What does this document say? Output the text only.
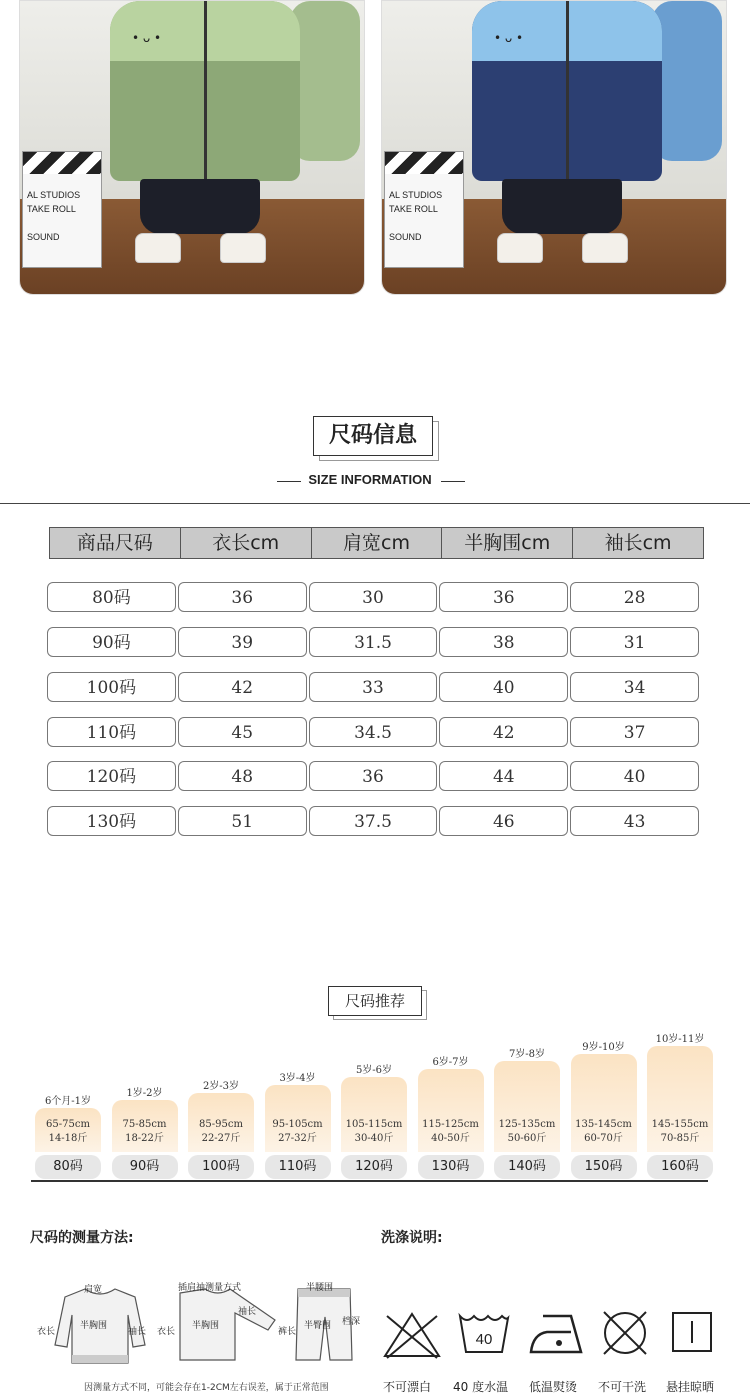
AL STUDIOS
TAKE ROLL

SOUND
• ᴗ •
AL STUDIOS
TAKE ROLL

SOUND
• ᴗ •
尺码信息
SIZE INFORMATION
商品尺码	衣长cm	肩宽cm	半胸围cm	袖长cm
80码	36	30	36	28
90码	39	31.5	38	31
100码	42	33	40	34
110码	45	34.5	42	37
120码	48	36	44	40
130码	51	37.5	46	43
尺码推荐
65-75cm
14-18斤
6个月-1岁
80码
75-85cm
18-22斤
1岁-2岁
90码
85-95cm
22-27斤
2岁-3岁
100码
95-105cm
27-32斤
3岁-4岁
110码
105-115cm
30-40斤
5岁-6岁
120码
115-125cm
40-50斤
6岁-7岁
130码
125-135cm
50-60斤
7岁-8岁
140码
135-145cm
60-70斤
9岁-10岁
150码
145-155cm
70-85斤
10岁-11岁
160码
尺码的测量方法:
肩宽
半胸围
衣长	袖长
插肩袖测量方式
半胸围
衣长
袖长
半腰围
档深
半臀围
裤长
因测量方式不同，可能会存在1-2CM左右误差，属于正常范围
洗涤说明:
40
不可漂白 40 度水温 低温熨烫 不可干洗 悬挂晾晒
